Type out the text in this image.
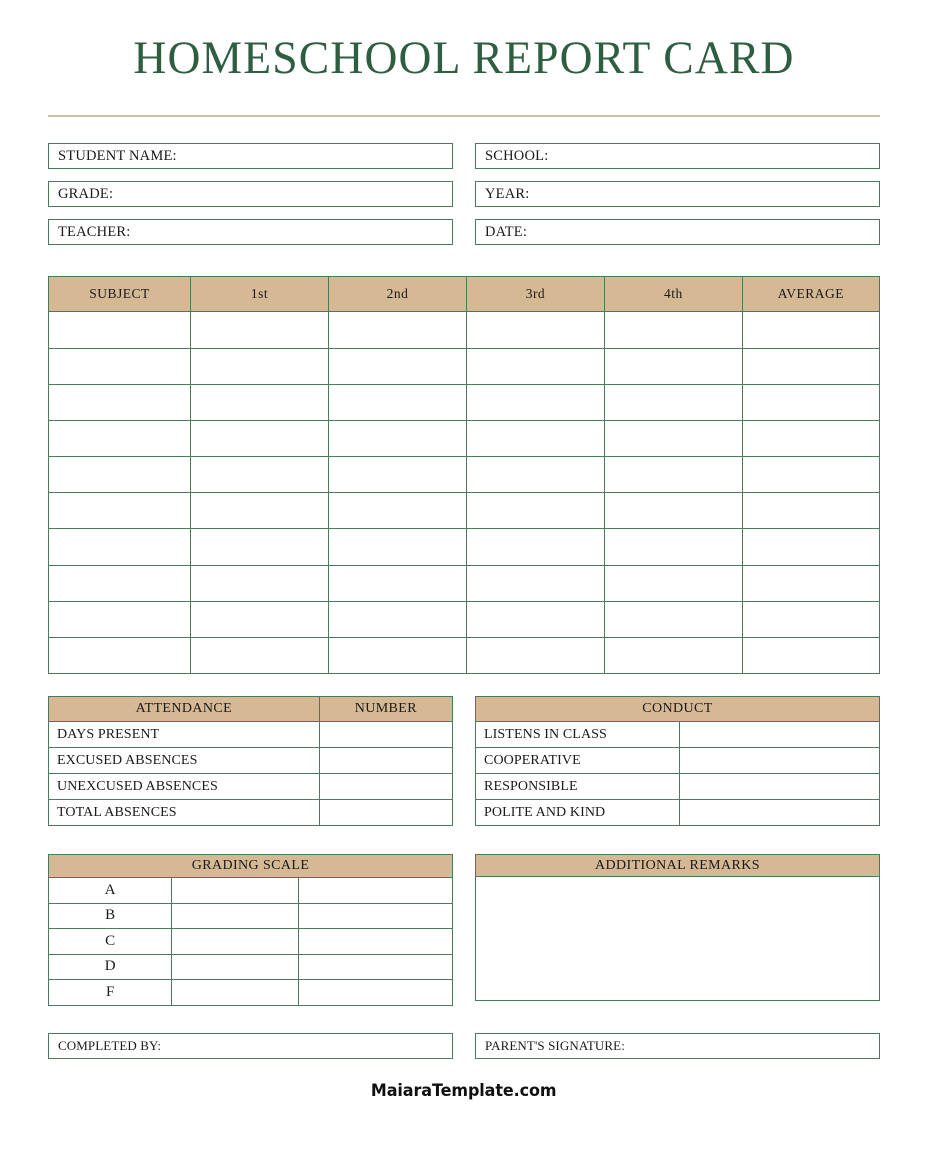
HOMESCHOOL REPORT CARD
STUDENT NAME:	SCHOOL:
GRADE:	YEAR:
TEACHER:	DATE:
SUBJECT	1st	2nd	3rd	4th	AVERAGE

ATTENDANCE	NUMBER
DAYS PRESENT	
EXCUSED ABSENCES	
UNEXCUSED ABSENCES	
TOTAL ABSENCES	
CONDUCT	
LISTENS IN CLASS	
COOPERATIVE	
RESPONSIBLE	
POLITE AND KIND	
GRADING SCALE		
A		
B		
C		
D		
F		
ADDITIONAL REMARKS

COMPLETED BY:	PARENT'S SIGNATURE:
MaiaraTemplate.com
